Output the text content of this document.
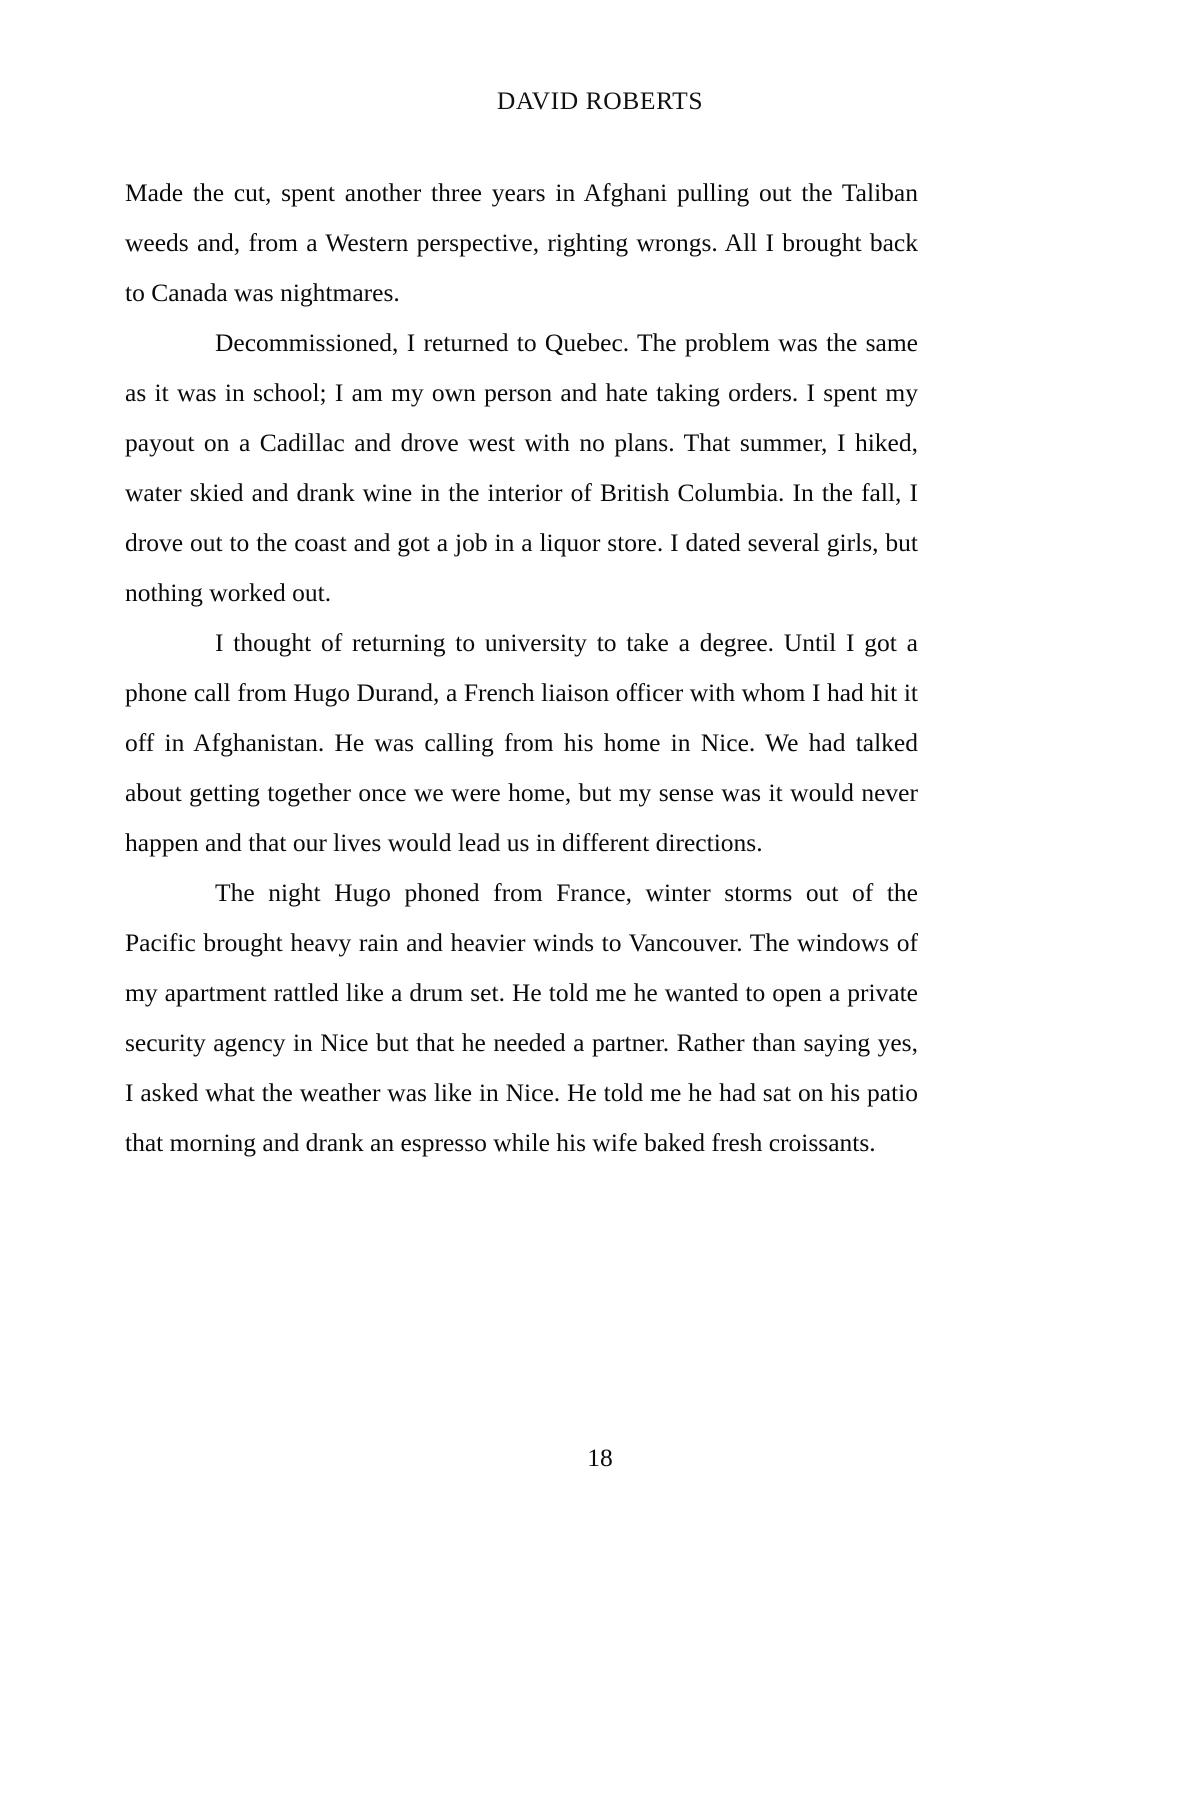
DAVID ROBERTS

Made the cut, spent another three years in Afghani pulling out the Taliban weeds and, from a Western perspective, righting wrongs. All I brought back to Canada was nightmares.

Decommissioned, I returned to Quebec. The problem was the same as it was in school; I am my own person and hate taking orders. I spent my payout on a Cadillac and drove west with no plans. That summer, I hiked, water skied and drank wine in the interior of British Columbia. In the fall, I drove out to the coast and got a job in a liquor store. I dated several girls, but nothing worked out.

I thought of returning to university to take a degree. Until I got a phone call from Hugo Durand, a French liaison officer with whom I had hit it off in Afghanistan. He was calling from his home in Nice. We had talked about getting together once we were home, but my sense was it would never happen and that our lives would lead us in different directions.

The night Hugo phoned from France, winter storms out of the Pacific brought heavy rain and heavier winds to Vancouver. The windows of my apartment rattled like a drum set. He told me he wanted to open a private security agency in Nice but that he needed a partner. Rather than saying yes, I asked what the weather was like in Nice. He told me he had sat on his patio that morning and drank an espresso while his wife baked fresh croissants.

18
